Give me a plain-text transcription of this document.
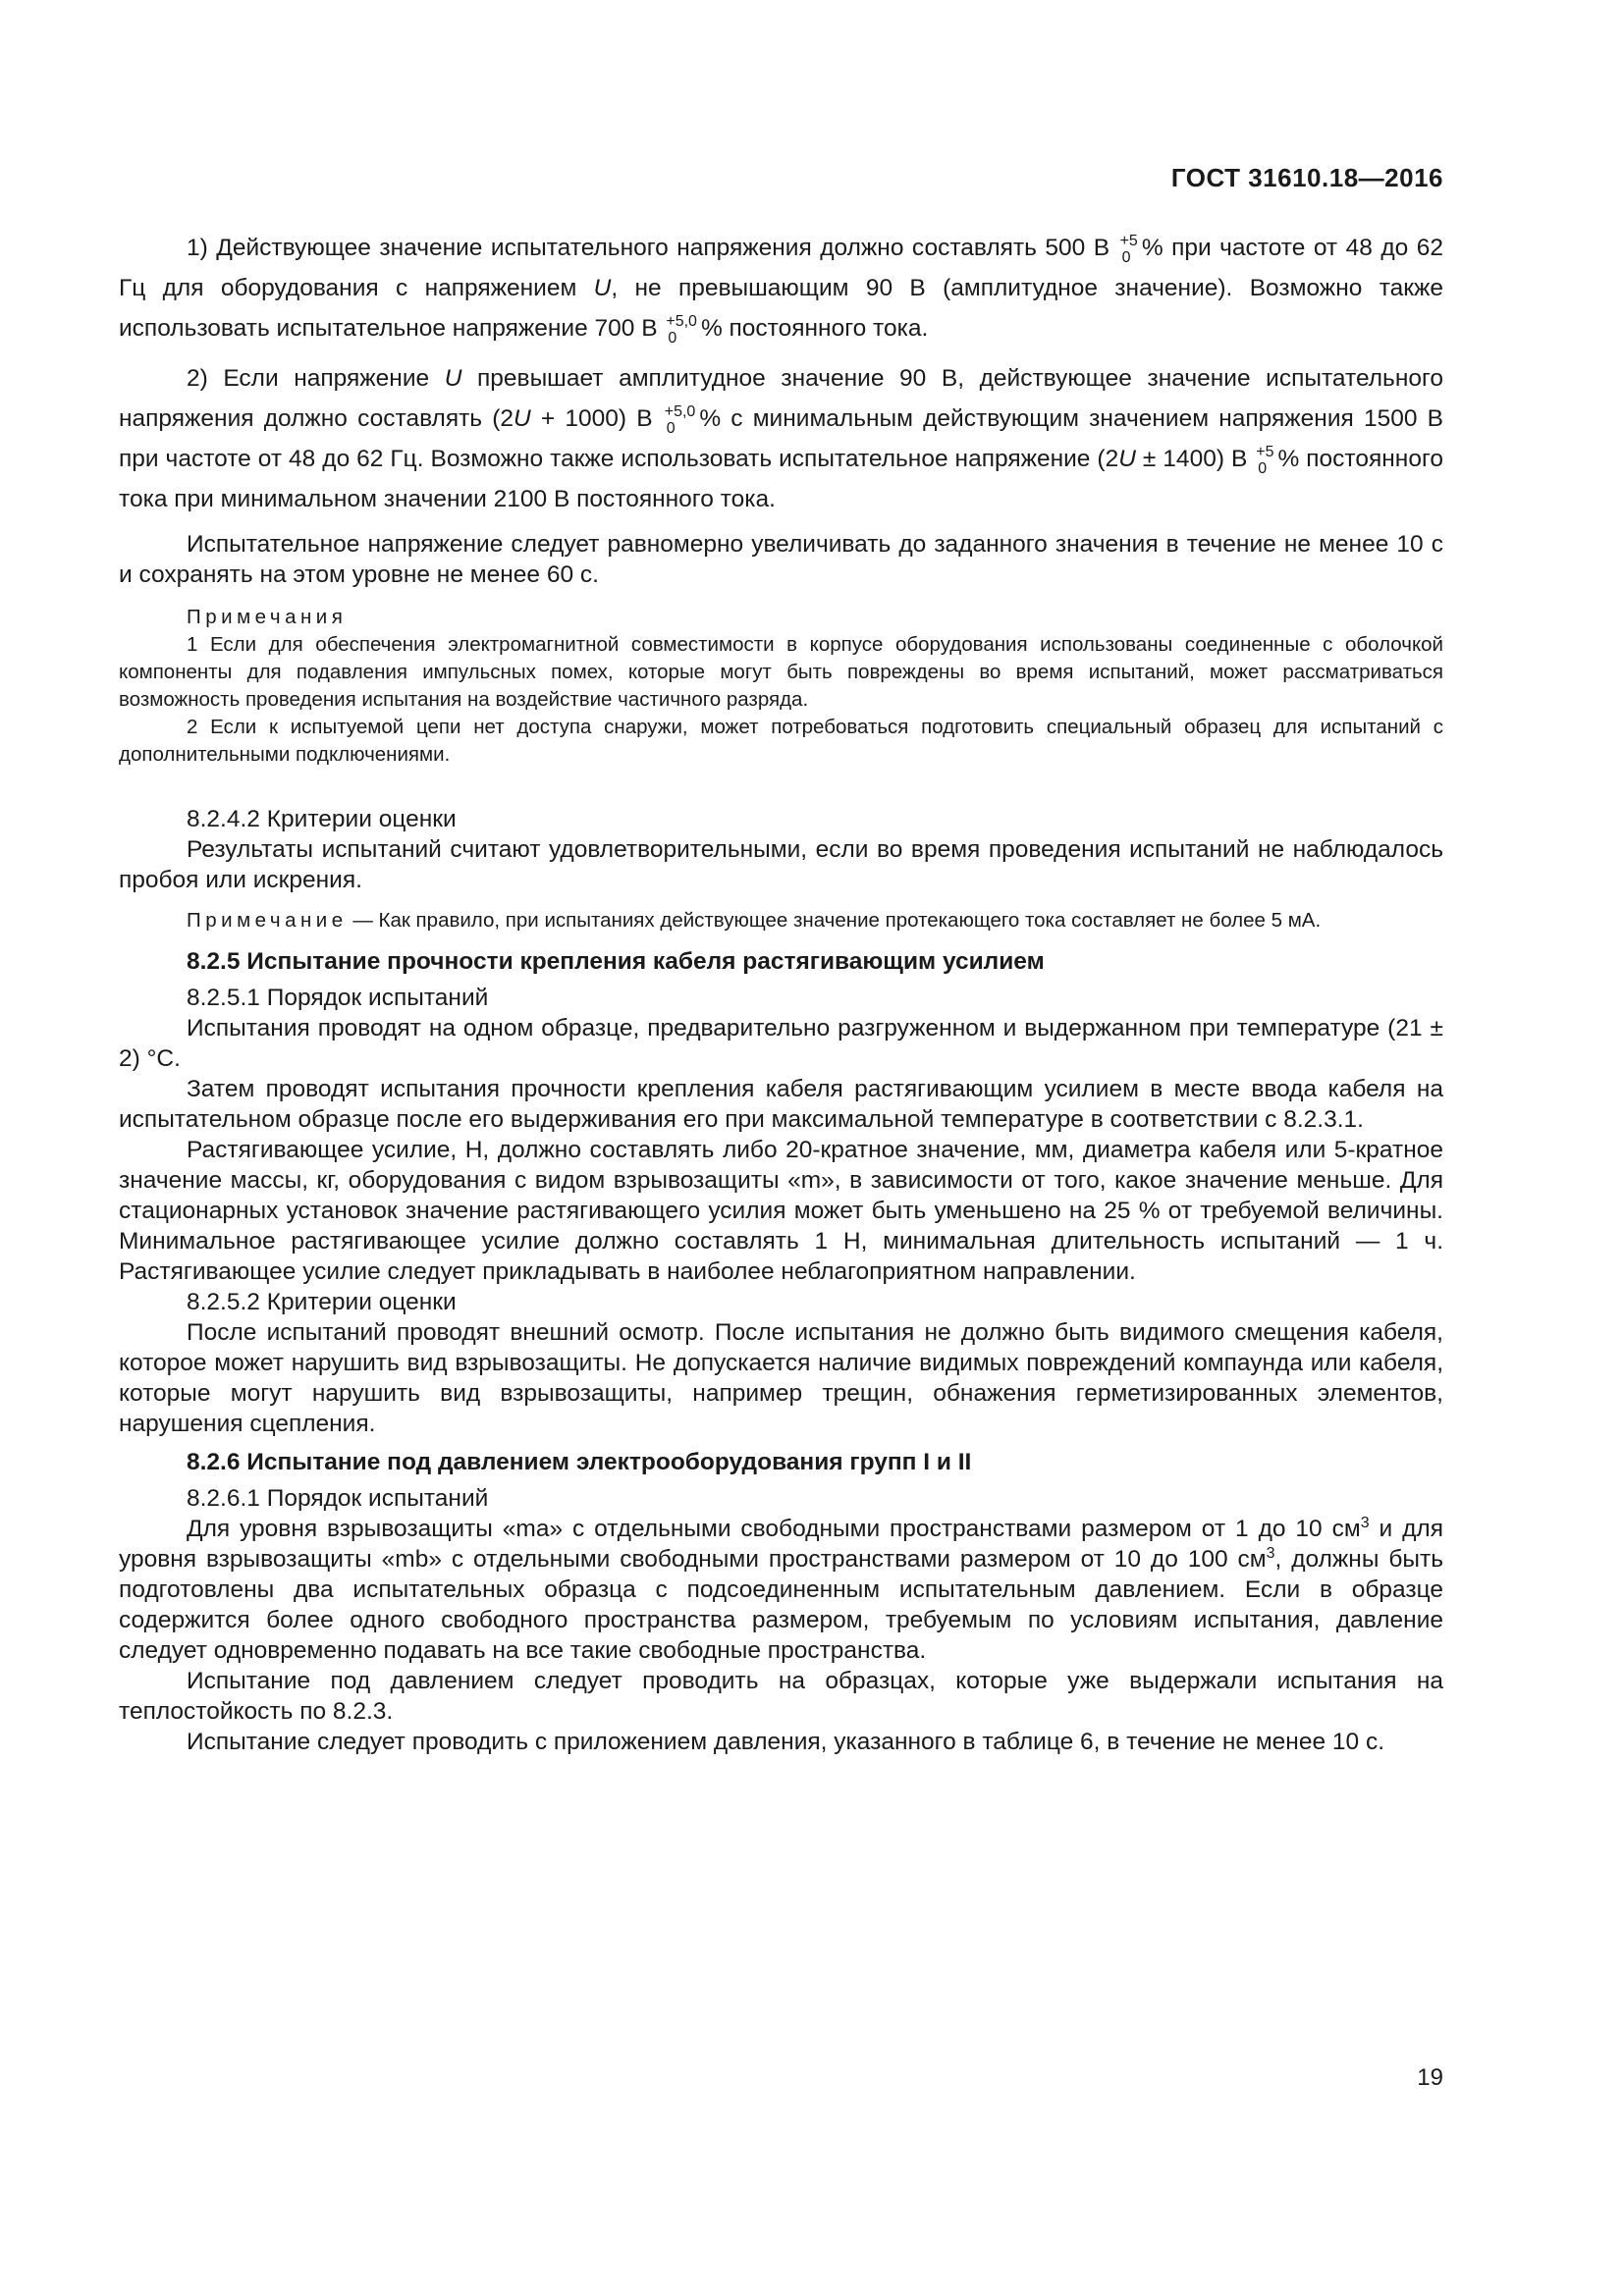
ГОСТ 31610.18—2016

1) Действующее значение испытательного напряжения должно составлять 500 В +5
0 % при частоте от 48 до 62 Гц для оборудования с напряжением U, не превышающим 90 В (амплитудное значение). Возможно также использовать испытательное напряжение 700 В +5,0
0	% постоянного тока.

2) Если напряжение U превышает амплитудное значение 90 В, действующее значение испытательного напряжения должно составлять (2U + 1000) В +5,0
0	% с минимальным действующим значением напряжения 1500 В при частоте от 48 до 62 Гц. Возможно также использовать испытательное напряжение (2U ± 1400) В +5
0 % постоянного тока при минимальном значении 2100 В постоянного тока.

Испытательное напряжение следует равномерно увеличивать до заданного значения в течение не менее 10 с и сохранять на этом уровне не менее 60 с.

Примечания

1 Если для обеспечения электромагнитной совместимости в корпусе оборудования использованы соединенные с оболочкой компоненты для подавления импульсных помех, которые могут быть повреждены во время испытаний, может рассматриваться возможность проведения испытания на воздействие частичного разряда.

2 Если к испытуемой цепи нет доступа снаружи, может потребоваться подготовить специальный образец для испытаний с дополнительными подключениями.

8.2.4.2 Критерии оценки

Результаты испытаний считают удовлетворительными, если во время проведения испытаний не наблюдалось пробоя или искрения.

Примечание — Как правило, при испытаниях действующее значение протекающего тока составляет не более 5 мА.

8.2.5 Испытание прочности крепления кабеля растягивающим усилием

8.2.5.1 Порядок испытаний

Испытания проводят на одном образце, предварительно разгруженном и выдержанном при температуре (21 ± 2) °С.

Затем проводят испытания прочности крепления кабеля растягивающим усилием в месте ввода кабеля на испытательном образце после его выдерживания его при максимальной температуре в соответствии с 8.2.3.1.

Растягивающее усилие, Н, должно составлять либо 20-кратное значение, мм, диаметра кабеля или 5-кратное значение массы, кг, оборудования с видом взрывозащиты «m», в зависимости от того, какое значение меньше. Для стационарных установок значение растягивающего усилия может быть уменьшено на 25 % от требуемой величины. Минимальное растягивающее усилие должно составлять 1 Н, минимальная длительность испытаний — 1 ч. Растягивающее усилие следует прикладывать в наиболее неблагоприятном направлении.

8.2.5.2 Критерии оценки

После испытаний проводят внешний осмотр. После испытания не должно быть видимого смещения кабеля, которое может нарушить вид взрывозащиты. Не допускается наличие видимых повреждений компаунда или кабеля, которые могут нарушить вид взрывозащиты, например трещин, обнажения герметизированных элементов, нарушения сцепления.

8.2.6 Испытание под давлением электрооборудования групп I и II

8.2.6.1 Порядок испытаний

Для уровня взрывозащиты «ma» с отдельными свободными пространствами размером от 1 до 10 $см^3$ и для уровня взрывозащиты «mb» с отдельными свободными пространствами размером от 10 до 100 $см^3$, должны быть подготовлены два испытательных образца с подсоединенным испытательным давлением. Если в образце содержится более одного свободного пространства размером, требуемым по условиям испытания, давление следует одновременно подавать на все такие свободные пространства.

Испытание под давлением следует проводить на образцах, которые уже выдержали испытания на теплостойкость по 8.2.3.

Испытание следует проводить с приложением давления, указанного в таблице 6, в течение не менее 10 с.

19
